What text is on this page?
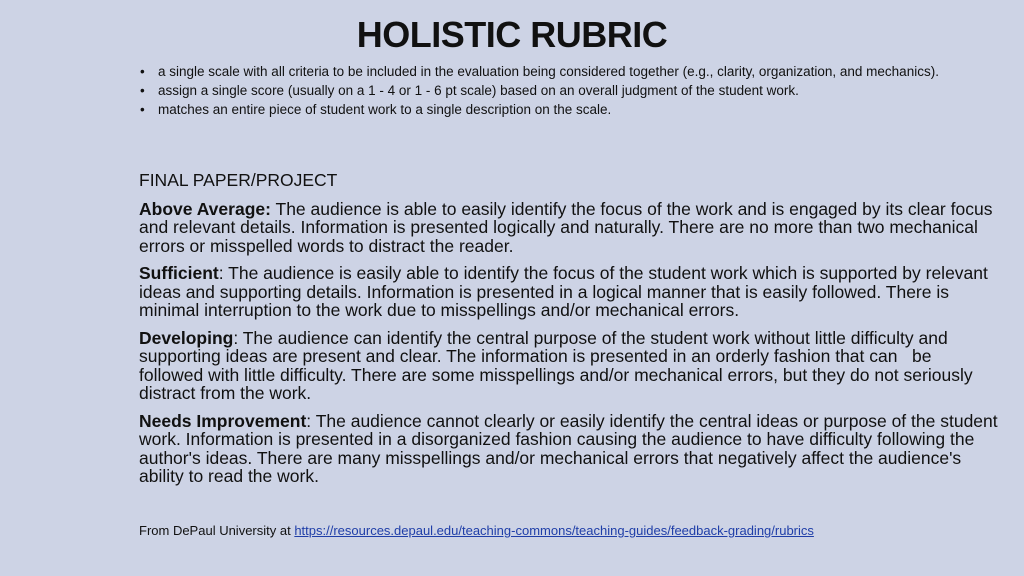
HOLISTIC RUBRIC
• a single scale with all criteria to be included in the evaluation being considered together (e.g., clarity, organization, and mechanics).
• assign a single score (usually on a 1 - 4 or 1 - 6 pt scale) based on an overall judgment of the student work.
• matches an entire piece of student work to a single description on the scale.

FINAL PAPER/PROJECT

Above Average: The audience is able to easily identify the focus of the work and is engaged by its clear focus and relevant details. Information is presented logically and naturally. There are no more than two mechanical errors or misspelled words to distract the reader.

Sufficient: The audience is easily able to identify the focus of the student work which is supported by relevant ideas and supporting details. Information is presented in a logical manner that is easily followed. There is minimal interruption to the work due to misspellings and/or mechanical errors.

Developing: The audience can identify the central purpose of the student work without little difficulty and supporting ideas are present and clear. The information is presented in an orderly fashion that can   be followed with little difficulty. There are some misspellings and/or mechanical errors, but they do not seriously distract from the work.

Needs Improvement: The audience cannot clearly or easily identify the central ideas or purpose of the student work. Information is presented in a disorganized fashion causing the audience to have difficulty following the author's ideas. There are many misspellings and/or mechanical errors that negatively affect the audience's ability to read the work.

From DePaul University at https://resources.depaul.edu/teaching-commons/teaching-guides/feedback-grading/rubrics
